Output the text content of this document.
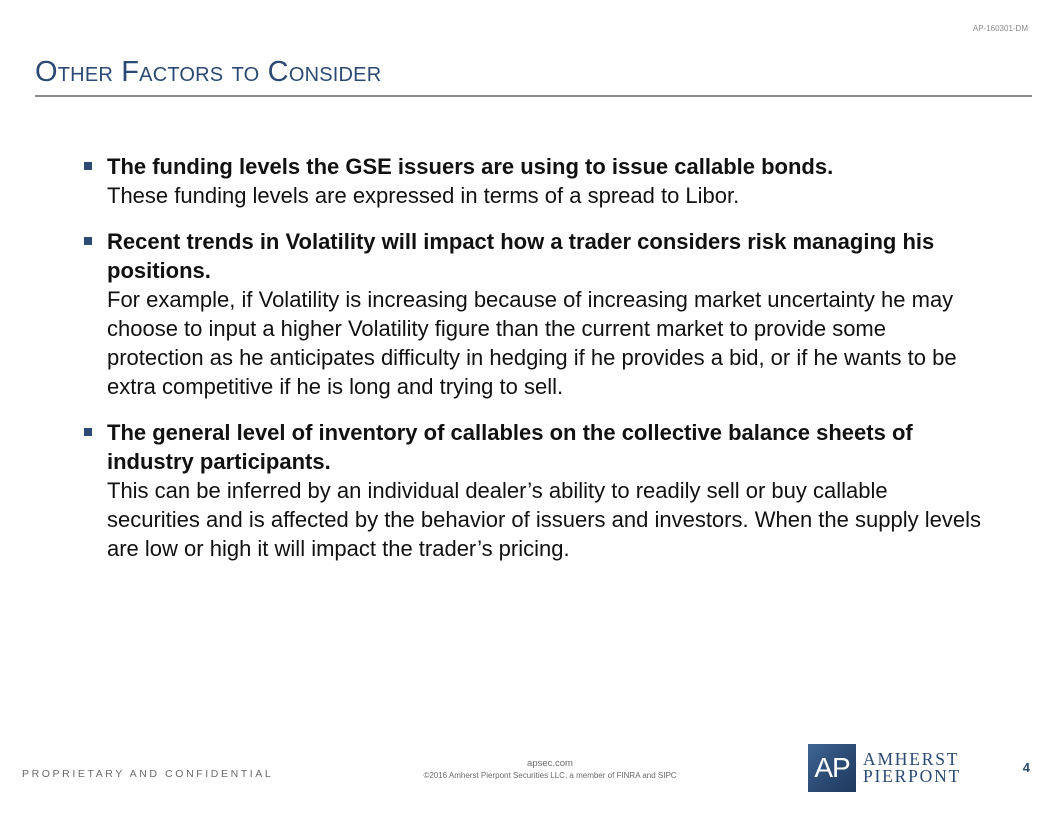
AP-160301-DM
Other Factors to Consider
The funding levels the GSE issuers are using to issue callable bonds.
These funding levels are expressed in terms of a spread to Libor.
Recent trends in Volatility will impact how a trader considers risk managing his positions.
For example, if Volatility is increasing because of increasing market uncertainty he may choose to input a higher Volatility figure than the current market to provide some protection as he anticipates difficulty in hedging if he provides a bid, or if he wants to be extra competitive if he is long and trying to sell.
The general level of inventory of callables on the collective balance sheets of industry participants.
This can be inferred by an individual dealer’s ability to readily sell or buy callable securities and is affected by the behavior of issuers and investors. When the supply levels are low or high it will impact the trader’s pricing.
PROPRIETARY AND CONFIDENTIAL
apsec.com
©2016 Amherst Pierpont Securities LLC, a member of FINRA and SIPC	AP AMHERST
PIERPONT	4
